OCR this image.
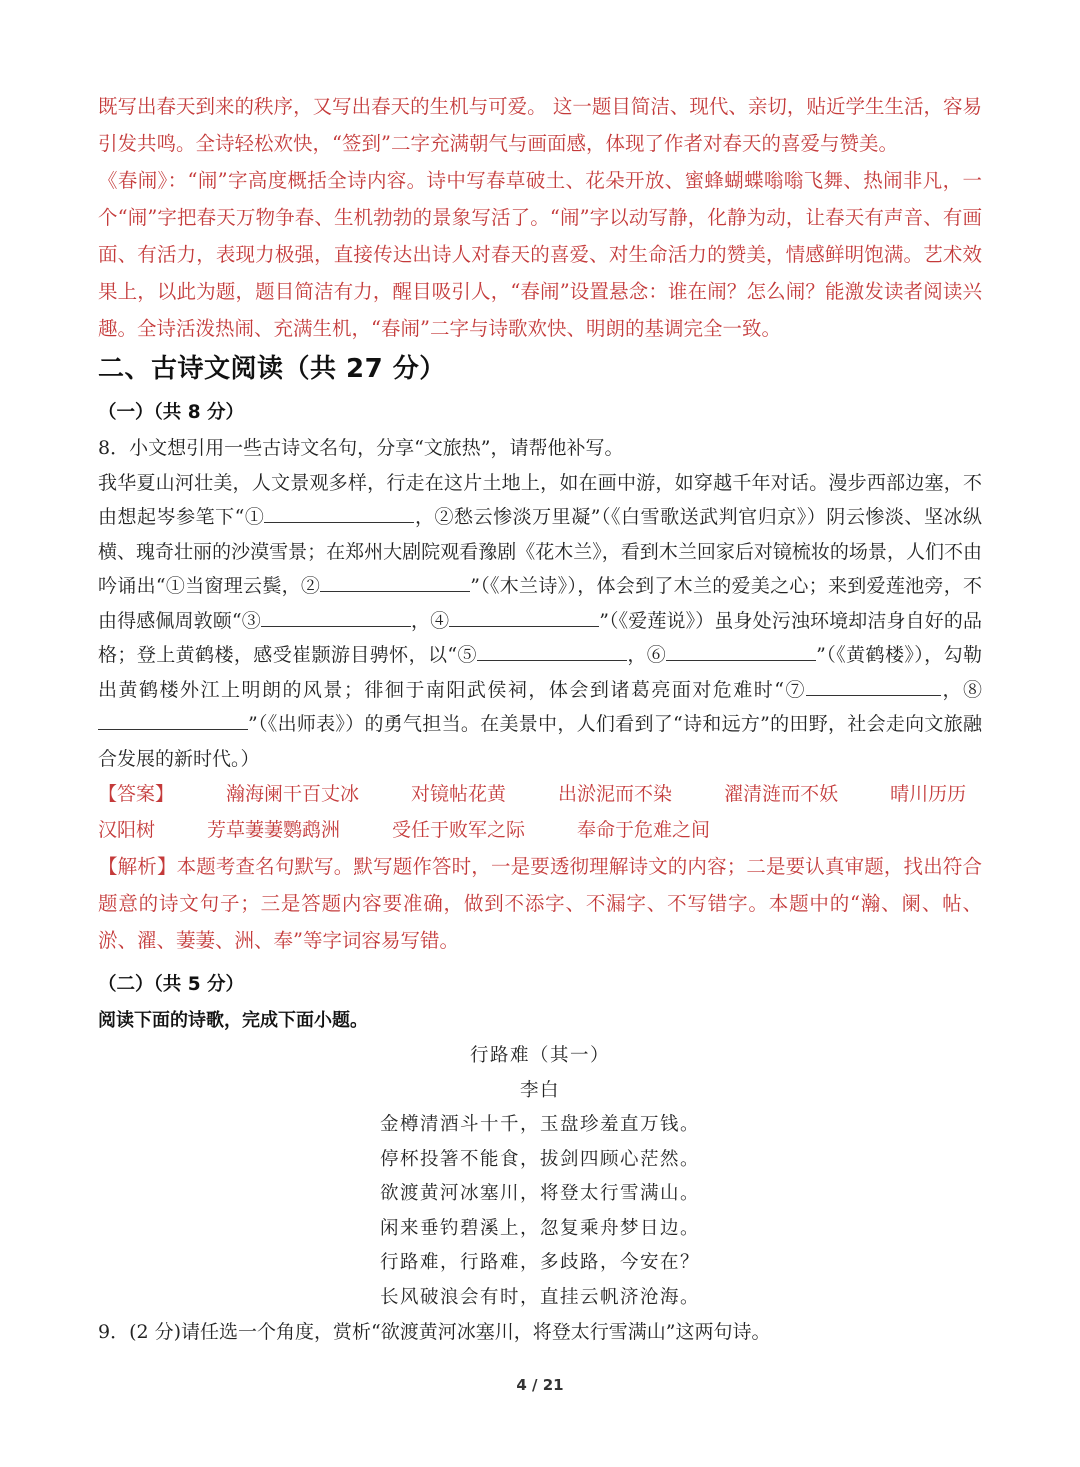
既写出春天到来的秩序，又写出春天的生机与可爱。 这一题目简洁、现代、亲切，贴近学生生活，容易引发共鸣。全诗轻松欢快，“签到”二字充满朝气与画面感，体现了作者对春天的喜爱与赞美。

《春闹》：“闹”字高度概括全诗内容。诗中写春草破土、花朵开放、蜜蜂蝴蝶嗡嗡飞舞、热闹非凡，一个“闹”字把春天万物争春、生机勃勃的景象写活了。“闹”字以动写静，化静为动，让春天有声音、有画面、有活力，表现力极强，直接传达出诗人对春天的喜爱、对生命活力的赞美，情感鲜明饱满。艺术效果上，以此为题，题目简洁有力，醒目吸引人，“春闹”设置悬念：谁在闹？怎么闹？能激发读者阅读兴趣。全诗活泼热闹、充满生机，“春闹”二字与诗歌欢快、明朗的基调完全一致。

二、古诗文阅读（共 27 分）
（一）（共 8 分）

8．小文想引用一些古诗文名句，分享“文旅热”，请帮他补写。

我华夏山河壮美，人文景观多样，行走在这片土地上，如在画中游，如穿越千年对话。漫步西部边塞，不由想起岑参笔下“①	，②愁云惨淡万里凝”（《白雪歌送武判官归京》）阴云惨淡、坚冰纵横、瑰奇壮丽的沙漠雪景；在郑州大剧院观看豫剧《花木兰》，看到木兰回家后对镜梳妆的场景，人们不由吟诵出“①当窗理云鬓，②	”（《木兰诗》），体会到了木兰的爱美之心；来到爱莲池旁，不由得感佩周敦颐“③	，④	”（《爱莲说》）虽身处污浊环境却洁身自好的品格；登上黄鹤楼，感受崔颢游目骋怀，以“⑤	，⑥	”（《黄鹤楼》），勾勒出黄鹤楼外江上明朗的风景；徘徊于南阳武侯祠，体会到诸葛亮面对危难时“⑦	，⑧”（《出师表》）的勇气担当。在美景中，人们看到了“诗和远方”的田野，社会走向文旅融合发展的新时代。）

【答案】	瀚海阑干百丈冰	对镜帖花黄	出淤泥而不染	濯清涟而不妖	晴川历历汉阳树	芳草萋萋鹦鹉洲	受任于败军之际	奉命于危难之间

【解析】本题考查名句默写。默写题作答时，一是要透彻理解诗文的内容；二是要认真审题，找出符合题意的诗文句子；三是答题内容要准确，做到不添字、不漏字、不写错字。本题中的“瀚、阑、帖、淤、濯、萋萋、洲、奉”等字词容易写错。

（二）（共 5 分）
阅读下面的诗歌，完成下面小题。
行路难（其一）
李白
金樽清酒斗十千，玉盘珍羞直万钱。
停杯投箸不能食，拔剑四顾心茫然。
欲渡黄河冰塞川，将登太行雪满山。
闲来垂钓碧溪上，忽复乘舟梦日边。
行路难，行路难，多歧路，今安在？
长风破浪会有时，直挂云帆济沧海。

9．(2 分)请任选一个角度，赏析“欲渡黄河冰塞川，将登太行雪满山”这两句诗。

4 / 21
